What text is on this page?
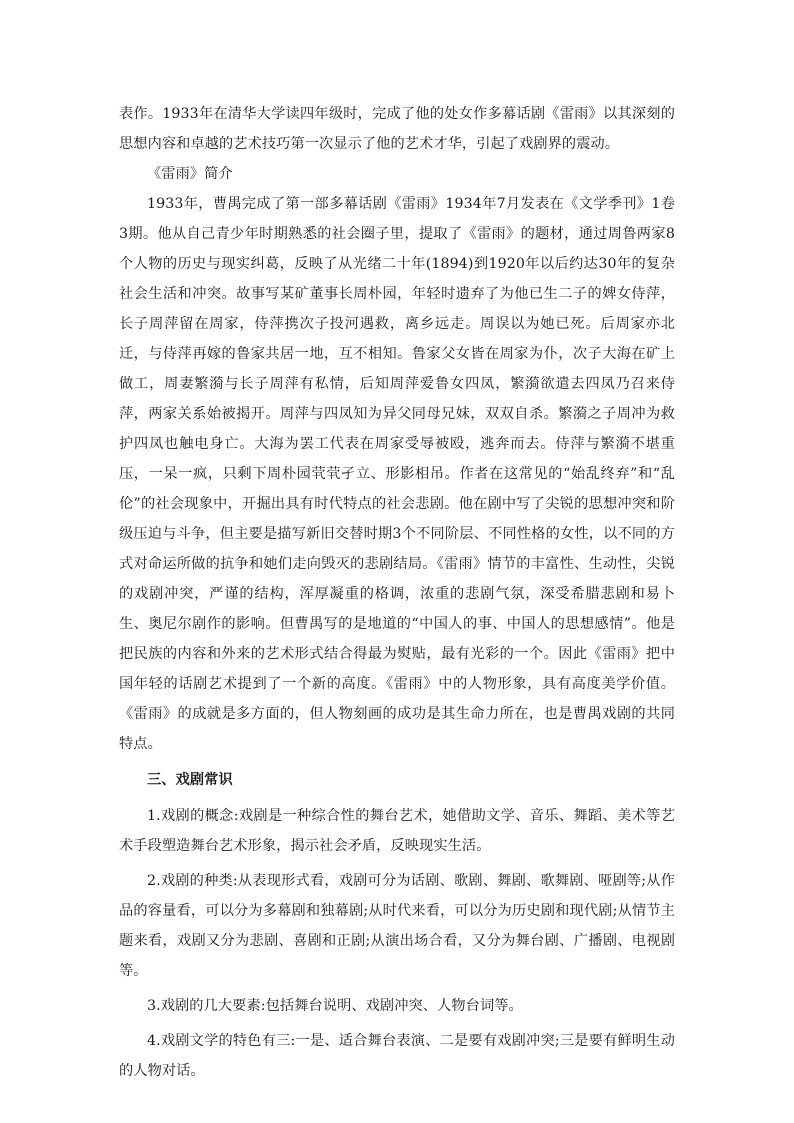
表作。1933年在清华大学读四年级时，完成了他的处女作多幕话剧《雷雨》以其深刻的思想内容和卓越的艺术技巧第一次显示了他的艺术才华，引起了戏剧界的震动。

《雷雨》简介

1933年，曹禺完成了第一部多幕话剧《雷雨》1934年7月发表在《文学季刊》1卷3期。他从自己青少年时期熟悉的社会圈子里，提取了《雷雨》的题材，通过周鲁两家8个人物的历史与现实纠葛，反映了从光绪二十年(1894)到1920年以后约达30年的复杂社会生活和冲突。故事写某矿董事长周朴园，年轻时遗弃了为他已生二子的婢女侍萍，长子周萍留在周家，侍萍携次子投河遇救，离乡远走。周误以为她已死。后周家亦北迁，与侍萍再嫁的鲁家共居一地，互不相知。鲁家父女皆在周家为仆，次子大海在矿上做工，周妻繁漪与长子周萍有私情，后知周萍爱鲁女四凤，繁漪欲遣去四凤乃召来侍萍，两家关系始被揭开。周萍与四凤知为异父同母兄妹，双双自杀。繁漪之子周冲为救护四凤也触电身亡。大海为罢工代表在周家受辱被殴，逃奔而去。侍萍与繁漪不堪重压，一呆一疯，只剩下周朴园茕茕孑立、形影相吊。作者在这常见的“始乱终弃”和“乱伦”的社会现象中，开掘出具有时代特点的社会悲剧。他在剧中写了尖锐的思想冲突和阶级压迫与斗争，但主要是描写新旧交替时期3个不同阶层、不同性格的女性，以不同的方式对命运所做的抗争和她们走向毁灭的悲剧结局。《雷雨》情节的丰富性、生动性，尖锐的戏剧冲突，严谨的结构，浑厚凝重的格调，浓重的悲剧气氛，深受希腊悲剧和易卜生、奥尼尔剧作的影响。但曹禺写的是地道的“中国人的事、中国人的思想感情”。他是把民族的内容和外来的艺术形式结合得最为熨贴，最有光彩的一个。因此《雷雨》把中国年轻的话剧艺术提到了一个新的高度。《雷雨》中的人物形象，具有高度美学价值。《雷雨》的成就是多方面的，但人物刻画的成功是其生命力所在，也是曹禺戏剧的共同特点。

三、戏剧常识

1.戏剧的概念:戏剧是一种综合性的舞台艺术，她借助文学、音乐、舞蹈、美术等艺术手段塑造舞台艺术形象，揭示社会矛盾，反映现实生活。

2.戏剧的种类:从表现形式看，戏剧可分为话剧、歌剧、舞剧、歌舞剧、哑剧等;从作品的容量看，可以分为多幕剧和独幕剧;从时代来看，可以分为历史剧和现代剧;从情节主题来看，戏剧又分为悲剧、喜剧和正剧;从演出场合看，又分为舞台剧、广播剧、电视剧等。

3.戏剧的几大要素:包括舞台说明、戏剧冲突、人物台词等。

4.戏剧文学的特色有三:一是、适合舞台表演、二是要有戏剧冲突;三是要有鲜明生动的人物对话。
